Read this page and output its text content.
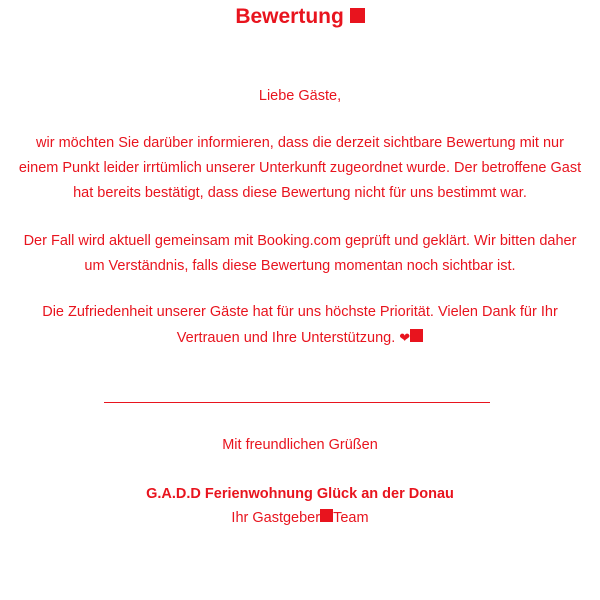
Bewertung

Liebe Gäste,

wir möchten Sie darüber informieren, dass die derzeit sichtbare Bewertung mit nur
einem Punkt leider irrtümlich unserer Unterkunft zugeordnet wurde. Der betroffene Gast
hat bereits bestätigt, dass diese Bewertung nicht für uns bestimmt war.

Der Fall wird aktuell gemeinsam mit Booking.com geprüft und geklärt. Wir bitten daher
um Verständnis, falls diese Bewertung momentan noch sichtbar ist.

Die Zufriedenheit unserer Gäste hat für uns höchste Priorität. Vielen Dank für Ihr
Vertrauen und Ihre Unterstützung. ❤

Mit freundlichen Grüßen

G.A.D.D Ferienwohnung Glück an der Donau

Ihr Gastgeber Team
